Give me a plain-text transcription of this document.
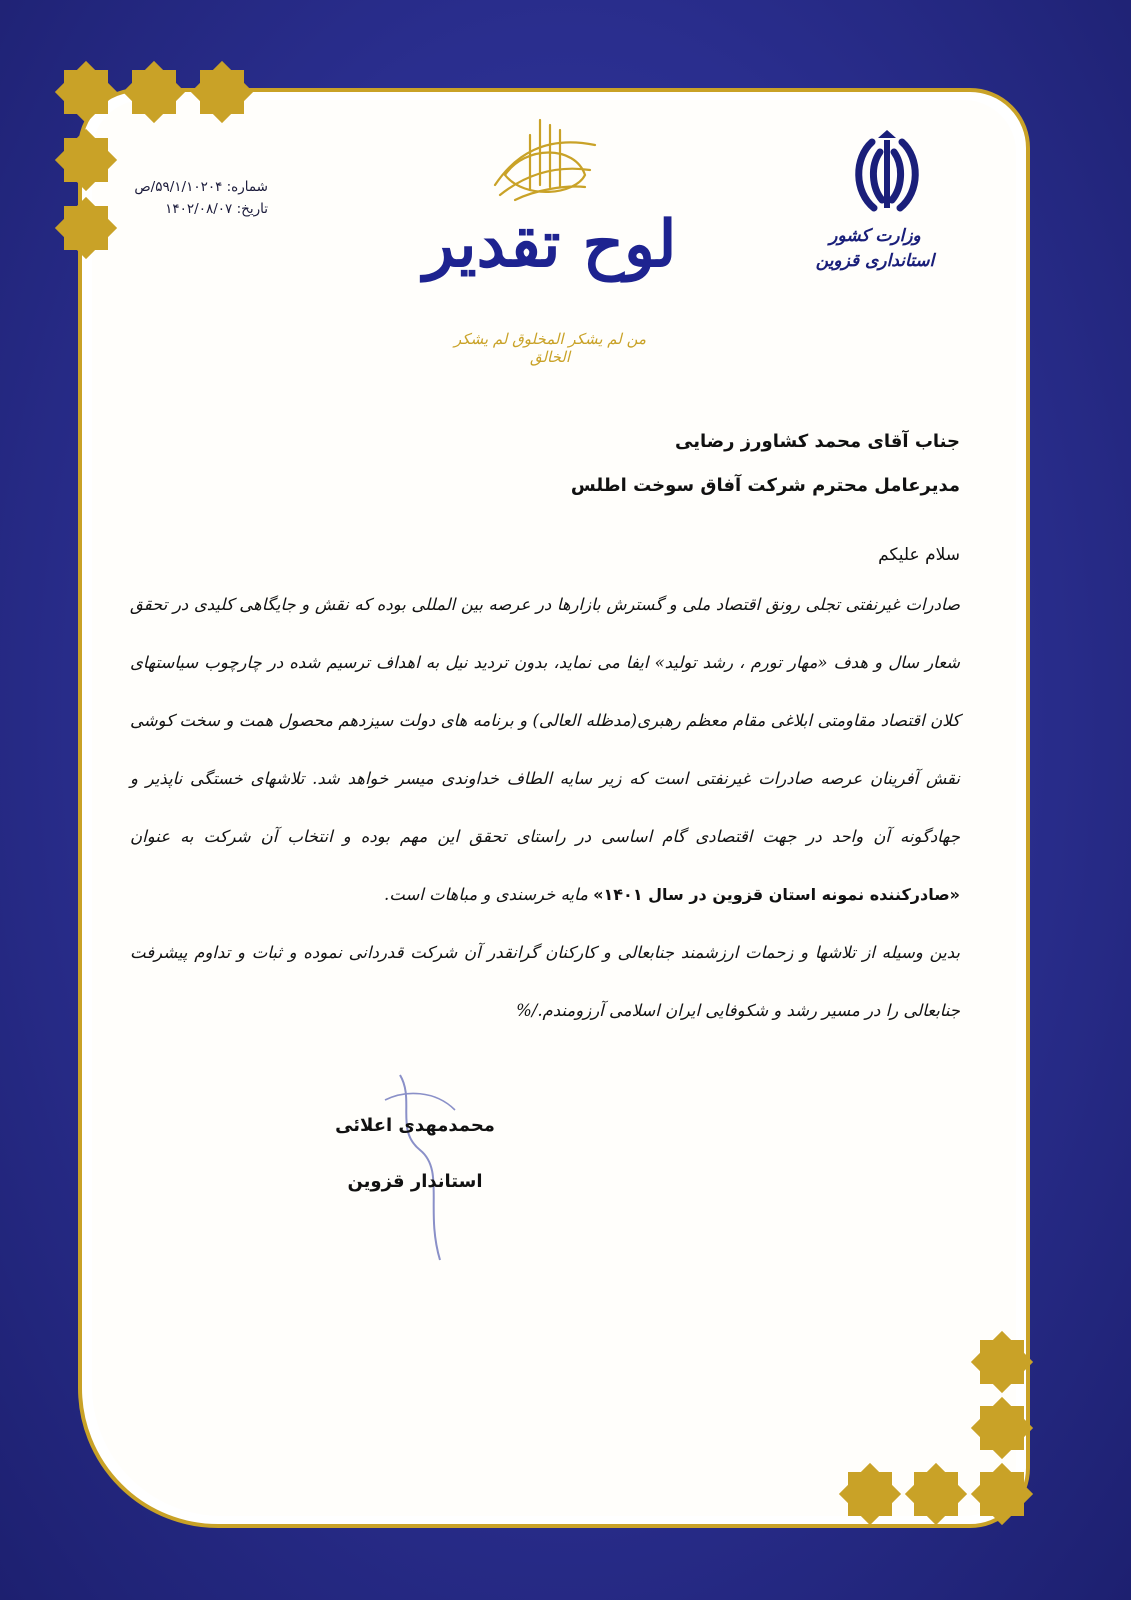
شماره: ۵۹/۱/۱۰۲۰۴/ص
تاریخ: ۱۴۰۲/۰۸/۰۷
وزارت کشور
استانداری قزوین
لوح تقدیر
من لم یشکر المخلوق لم یشکر الخالق

جناب آقای محمد کشاورز رضایی

مدیرعامل محترم شرکت آفاق سوخت اطلس

سلام علیکم

صادرات غیرنفتی تجلی رونق اقتصاد ملی و گسترش بازارها در عرصه بین المللی بوده که نقش و جایگاهی کلیدی در تحقق شعار سال و هدف «مهار تورم ، رشد تولید» ایفا می نماید، بدون تردید نیل به اهداف ترسیم شده در چارچوب سیاستهای کلان اقتصاد مقاومتی ابلاغی مقام معظم رهبری(مدظله العالی) و برنامه های دولت سیزدهم محصول همت و سخت کوشی نقش آفرینان عرصه صادرات غیرنفتی است که زیر سایه الطاف خداوندی میسر خواهد شد. تلاشهای خستگی ناپذیر و جهادگونه آن واحد در جهت اقتصادی گام اساسی در راستای تحقق این مهم بوده و انتخاب آن شرکت به عنوان «صادرکننده نمونه استان قزوین در سال ۱۴۰۱» مایه خرسندی و مباهات است.

بدین وسیله از تلاشها و زحمات ارزشمند جنابعالی و کارکنان گرانقدر آن شرکت قدردانی نموده و ثبات و تداوم پیشرفت جنابعالی را در مسیر رشد و شکوفایی ایران اسلامی آرزومندم./%

محمدمهدی اعلائی
استاندار قزوین
